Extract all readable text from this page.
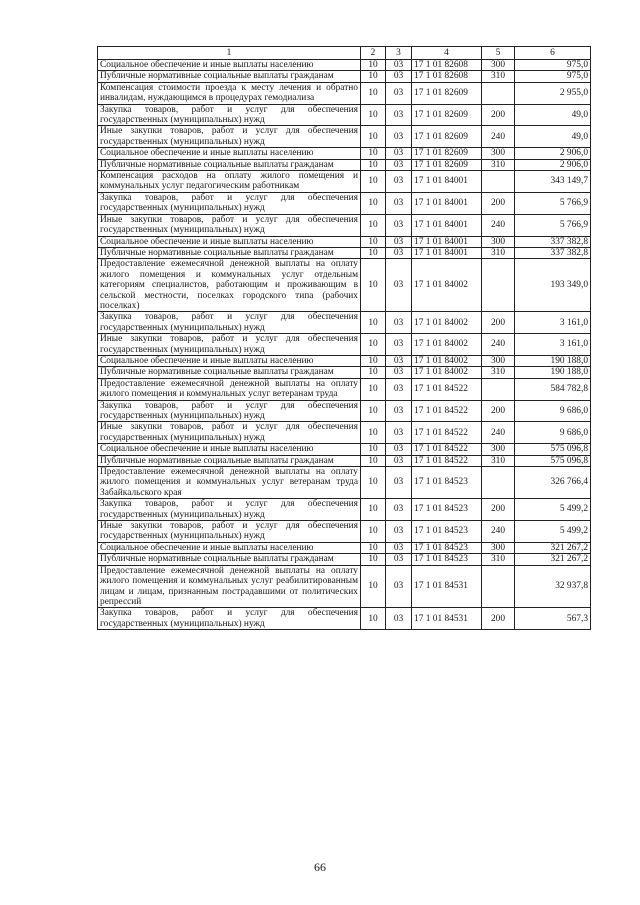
1	2	3	4	5	6
Социальное обеспечение и иные выплаты населению	10	03	17 1 01 82608	300	975,0
Публичные нормативные социальные выплаты гражданам	10	03	17 1 01 82608	310	975,0
Компенсация стоимости проезда к месту лечения и обратно инвалидам, нуждающимся в процедурах гемодиализа	10	03	17 1 01 82609		2 955,0
Закупка товаров, работ и услуг для обеспечения государственных (муниципальных) нужд	10	03	17 1 01 82609	200	49,0
Иные закупки товаров, работ и услуг для обеспечения государственных (муниципальных) нужд	10	03	17 1 01 82609	240	49,0
Социальное обеспечение и иные выплаты населению	10	03	17 1 01 82609	300	2 906,0
Публичные нормативные социальные выплаты гражданам	10	03	17 1 01 82609	310	2 906,0
Компенсация расходов на оплату жилого помещения и коммунальных услуг педагогическим работникам	10	03	17 1 01 84001		343 149,7
Закупка товаров, работ и услуг для обеспечения государственных (муниципальных) нужд	10	03	17 1 01 84001	200	5 766,9
Иные закупки товаров, работ и услуг для обеспечения государственных (муниципальных) нужд	10	03	17 1 01 84001	240	5 766,9
Социальное обеспечение и иные выплаты населению	10	03	17 1 01 84001	300	337 382,8
Публичные нормативные социальные выплаты гражданам	10	03	17 1 01 84001	310	337 382,8
Предоставление ежемесячной денежной выплаты на оплату жилого помещения и коммунальных услуг отдельным категориям специалистов, работающим и проживающим в сельской местности, поселках городского типа (рабочих поселках)	10	03	17 1 01 84002		193 349,0
Закупка товаров, работ и услуг для обеспечения государственных (муниципальных) нужд	10	03	17 1 01 84002	200	3 161,0
Иные закупки товаров, работ и услуг для обеспечения государственных (муниципальных) нужд	10	03	17 1 01 84002	240	3 161,0
Социальное обеспечение и иные выплаты населению	10	03	17 1 01 84002	300	190 188,0
Публичные нормативные социальные выплаты гражданам	10	03	17 1 01 84002	310	190 188,0
Предоставление ежемесячной денежной выплаты на оплату жилого помещения и коммунальных услуг ветеранам труда	10	03	17 1 01 84522		584 782,8
Закупка товаров, работ и услуг для обеспечения государственных (муниципальных) нужд	10	03	17 1 01 84522	200	9 686,0
Иные закупки товаров, работ и услуг для обеспечения государственных (муниципальных) нужд	10	03	17 1 01 84522	240	9 686,0
Социальное обеспечение и иные выплаты населению	10	03	17 1 01 84522	300	575 096,8
Публичные нормативные социальные выплаты гражданам	10	03	17 1 01 84522	310	575 096,8
Предоставление ежемесячной денежной выплаты на оплату жилого помещения и коммунальных услуг ветеранам труда Забайкальского края	10	03	17 1 01 84523		326 766,4
Закупка товаров, работ и услуг для обеспечения государственных (муниципальных) нужд	10	03	17 1 01 84523	200	5 499,2
Иные закупки товаров, работ и услуг для обеспечения государственных (муниципальных) нужд	10	03	17 1 01 84523	240	5 499,2
Социальное обеспечение и иные выплаты населению	10	03	17 1 01 84523	300	321 267,2
Публичные нормативные социальные выплаты гражданам	10	03	17 1 01 84523	310	321 267,2
Предоставление ежемесячной денежной выплаты на оплату жилого помещения и коммунальных услуг реабилитированным лицам и лицам, признанным пострадавшими от политических репрессий	10	03	17 1 01 84531		32 937,8
Закупка товаров, работ и услуг для обеспечения государственных (муниципальных) нужд	10	03	17 1 01 84531	200	567,3
66
